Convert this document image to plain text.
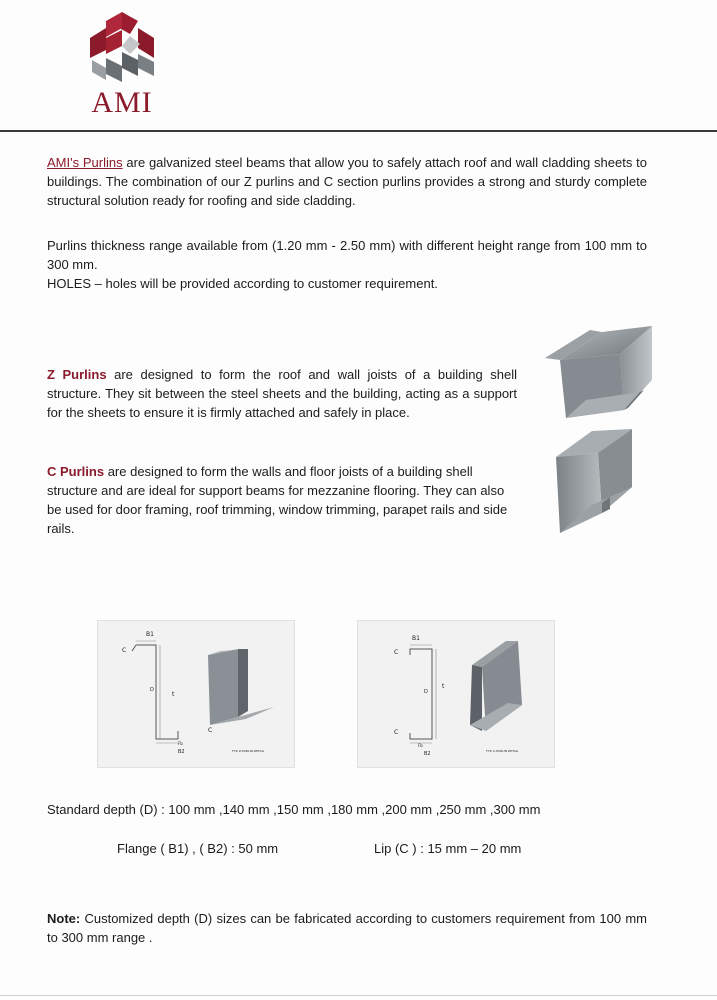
AMI
AMI's Purlins are galvanized steel beams that allow you to safely attach roof and wall cladding sheets to buildings. The combination of our Z purlins and C section purlins provides a strong and sturdy complete structural solution ready for roofing and side cladding.
Purlins thickness range available from (1.20 mm - 2.50 mm) with different height range from 100 mm to 300 mm.
HOLES – holes will be provided according to customer requirement.
Z Purlins are designed to form the roof and wall joists of a building shell structure. They sit between the steel sheets and the building, acting as a support for the sheets to ensure it is firmly attached and safely in place.
C Purlins are designed to form the walls and floor joists of a building shell structure and are ideal for support beams for mezzanine flooring. They can also be used for door framing, roof trimming, window trimming, parapet rails and side rails.
B1
C
D
t
C
Fb
B2	TYP. Z-PURLIN DETAIL
B1
C
D
t
C
Fb
B2	TYP. C-PURLIN DETAIL
Standard depth (D) : 100 mm ,140 mm ,150 mm ,180 mm ,200 mm ,250 mm ,300 mm
Flange ( B1) , ( B2) : 50 mm	Lip (C ) : 15 mm – 20 mm
Note: Customized depth (D) sizes can be fabricated according to customers requirement from 100 mm to 300 mm range .
